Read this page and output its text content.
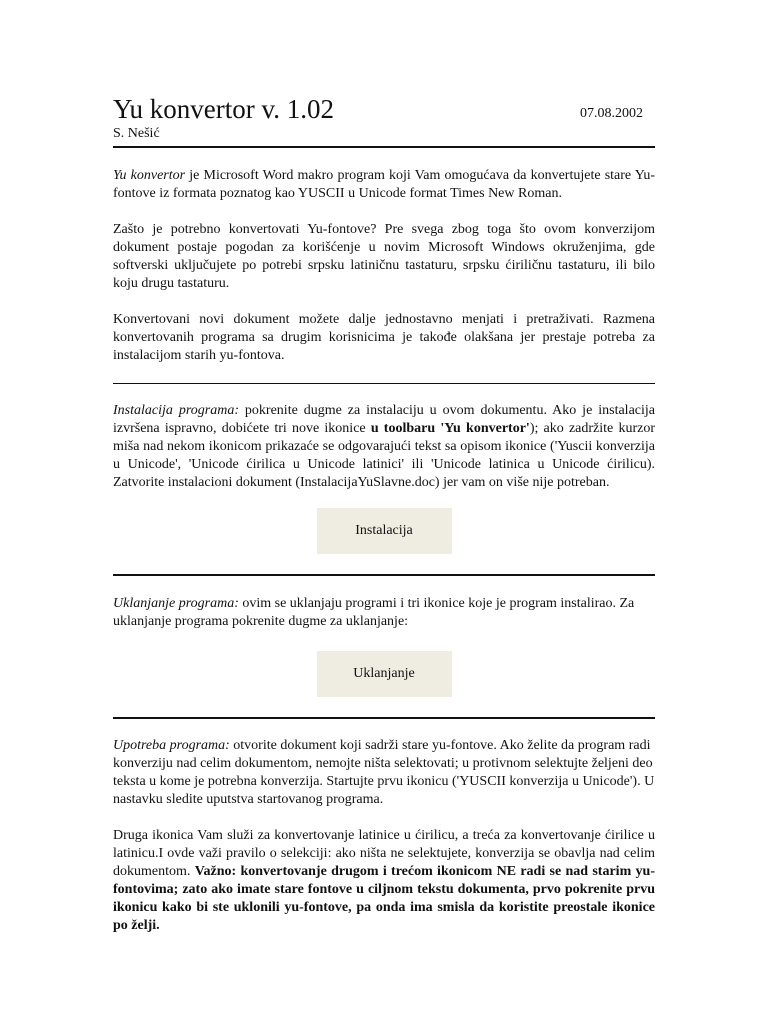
Yu konvertor v. 1.02	07.08.2002
S. Nešić

Yu konvertor je Microsoft Word makro program koji Vam omogućava da konvertujete stare Yu-fontove iz formata poznatog kao YUSCII u Unicode format Times New Roman.

Zašto je potrebno konvertovati Yu-fontove? Pre svega zbog toga što ovom konverzijom dokument postaje pogodan za korišćenje u novim Microsoft Windows okruženjima, gde softverski uključujete po potrebi srpsku latiničnu tastaturu, srpsku ćiriličnu tastaturu, ili bilo koju drugu tastaturu.

Konvertovani novi dokument možete dalje jednostavno menjati i pretraživati. Razmena konvertovanih programa sa drugim korisnicima je takođe olakšana jer prestaje potreba za instalacijom starih yu-fontova.

Instalacija programa: pokrenite dugme za instalaciju u ovom dokumentu. Ako je instalacija izvršena ispravno, dobićete tri nove ikonice u toolbaru 'Yu konvertor'); ako zadržite kurzor miša nad nekom ikonicom prikazaće se odgovarajući tekst sa opisom ikonice ('Yuscii konverzija u Unicode', 'Unicode ćirilica u Unicode latinici' ili 'Unicode latinica u Unicode ćirilicu). Zatvorite instalacioni dokument (InstalacijaYuSlavne.doc) jer vam on više nije potreban.

Instalacija

Uklanjanje programa: ovim se uklanjaju programi i tri ikonice koje je program instalirao. Za uklanjanje programa pokrenite dugme za uklanjanje:

Uklanjanje

Upotreba programa: otvorite dokument koji sadrži stare yu-fontove. Ako želite da program radi konverziju nad celim dokumentom, nemojte ništa selektovati; u protivnom selektujte željeni deo teksta u kome je potrebna konverzija. Startujte prvu ikonicu ('YUSCII konverzija u Unicode'). U nastavku sledite uputstva startovanog programa.

Druga ikonica Vam služi za konvertovanje latinice u ćirilicu, a treća za konvertovanje ćirilice u latinicu.I ovde važi pravilo o selekciji: ako ništa ne selektujete, konverzija se obavlja nad celim dokumentom. Važno: konvertovanje drugom i trećom ikonicom NE radi se nad starim yu-fontovima; zato ako imate stare fontove u ciljnom tekstu dokumenta, prvo pokrenite prvu ikonicu kako bi ste uklonili yu-fontove, pa onda ima smisla da koristite preostale ikonice po želji.
